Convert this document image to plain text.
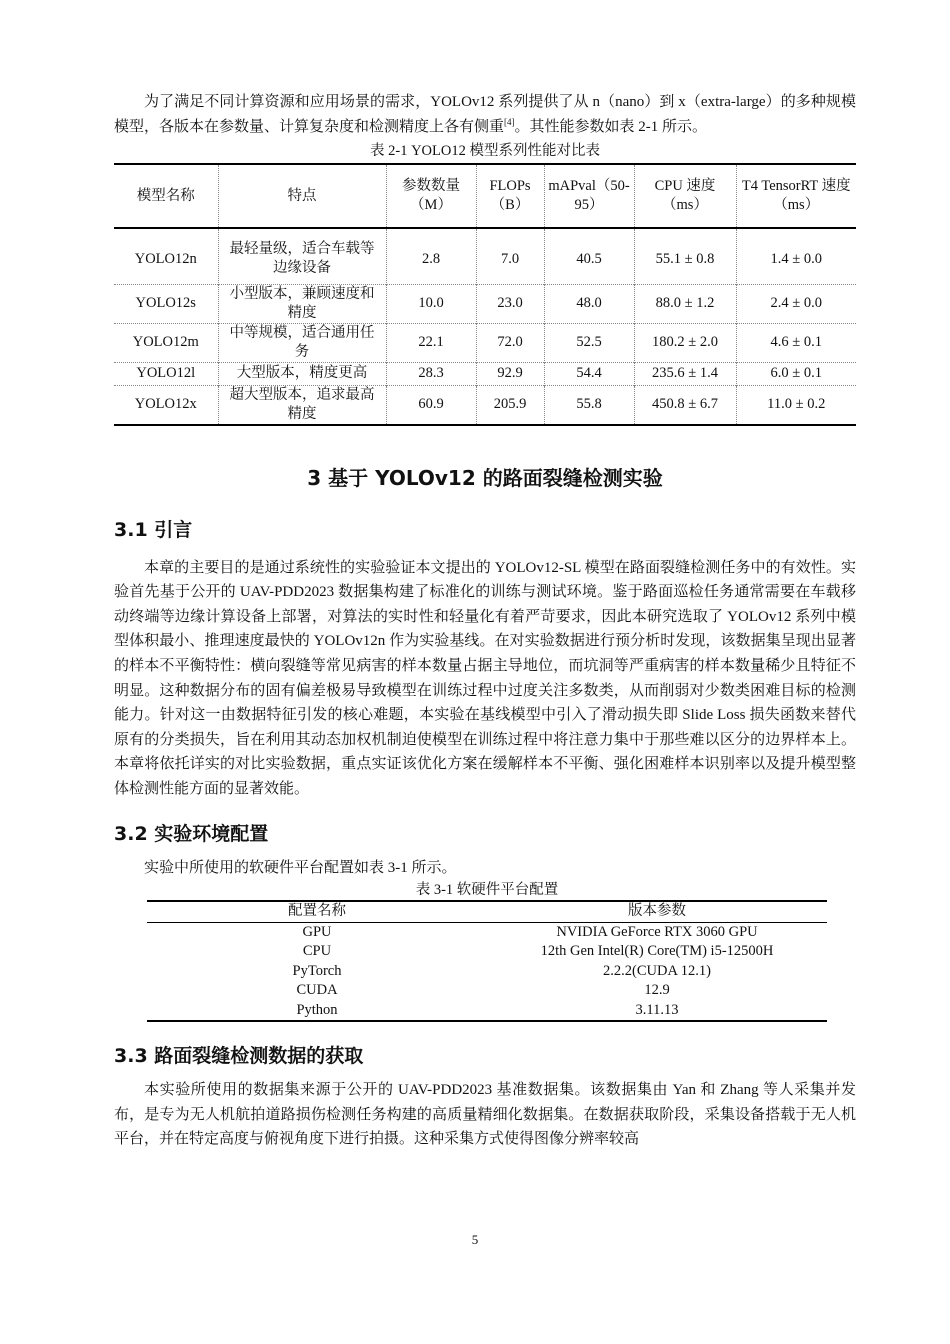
为了满足不同计算资源和应用场景的需求，YOLOv12 系列提供了从 n（nano）到 x（extra-large）的多种规模模型，各版本在参数量、计算复杂度和检测精度上各有侧重[4]。其性能参数如表 2-1 所示。

表 2-1 YOLO12 模型系列性能对比表
模型名称	特点	参数数量（M）	FLOPs（B）	mAPval（50-95）	CPU 速度（ms）	T4 TensorRT 速度（ms）
YOLO12n	最轻量级，适合车载等边缘设备	2.8	7.0	40.5	55.1 ± 0.8	1.4 ± 0.0
YOLO12s	小型版本，兼顾速度和精度	10.0	23.0	48.0	88.0 ± 1.2	2.4 ± 0.0
YOLO12m	中等规模，适合通用任务	22.1	72.0	52.5	180.2 ± 2.0	4.6 ± 0.1
YOLO12l	大型版本，精度更高	28.3	92.9	54.4	235.6 ± 1.4	6.0 ± 0.1
YOLO12x	超大型版本，追求最高精度	60.9	205.9	55.8	450.8 ± 6.7	11.0 ± 0.2
3 基于 YOLOv12 的路面裂缝检测实验
3.1 引言

本章的主要目的是通过系统性的实验验证本文提出的 YOLOv12-SL 模型在路面裂缝检测任务中的有效性。实验首先基于公开的 UAV-PDD2023 数据集构建了标准化的训练与测试环境。鉴于路面巡检任务通常需要在车载移动终端等边缘计算设备上部署，对算法的实时性和轻量化有着严苛要求，因此本研究选取了 YOLOv12 系列中模型体积最小、推理速度最快的 YOLOv12n 作为实验基线。在对实验数据进行预分析时发现，该数据集呈现出显著的样本不平衡特性：横向裂缝等常见病害的样本数量占据主导地位，而坑洞等严重病害的样本数量稀少且特征不明显。这种数据分布的固有偏差极易导致模型在训练过程中过度关注多数类，从而削弱对少数类困难目标的检测能力。针对这一由数据特征引发的核心难题，本实验在基线模型中引入了滑动损失即 Slide Loss 损失函数来替代原有的分类损失，旨在利用其动态加权机制迫使模型在训练过程中将注意力集中于那些难以区分的边界样本上。 本章将依托详实的对比实验数据，重点实证该优化方案在缓解样本不平衡、强化困难样本识别率以及提升模型整体检测性能方面的显著效能。

3.2 实验环境配置

实验中所使用的软硬件平台配置如表 3-1 所示。

表 3-1 软硬件平台配置
配置名称	版本参数
GPU	NVIDIA GeForce RTX 3060 GPU
CPU	12th Gen Intel(R) Core(TM) i5-12500H
PyTorch	2.2.2(CUDA 12.1)
CUDA	12.9
Python	3.11.13
3.3 路面裂缝检测数据的获取

本实验所使用的数据集来源于公开的 UAV-PDD2023 基准数据集。该数据集由 Yan 和 Zhang 等人采集并发布，是专为无人机航拍道路损伤检测任务构建的高质量精细化数据集。在数据获取阶段，采集设备搭载于无人机平台，并在特定高度与俯视角度下进行拍摄。这种采集方式使得图像分辨率较高

5
